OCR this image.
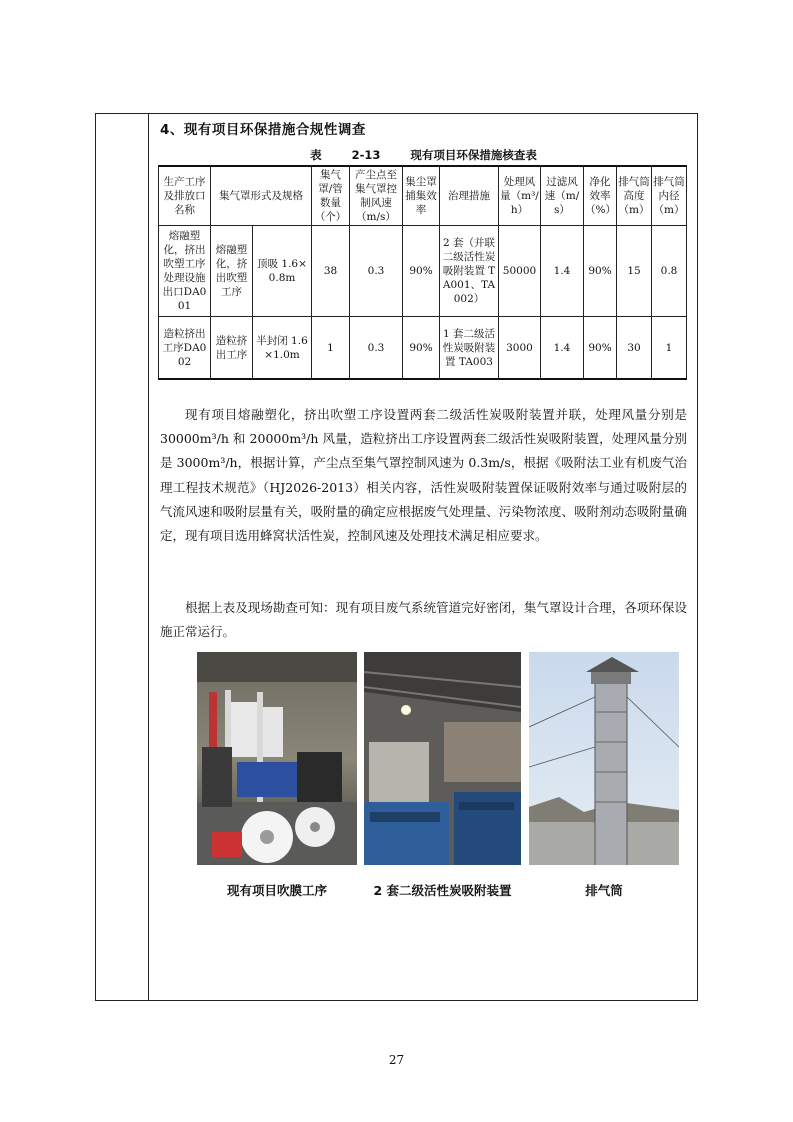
4、现有项目环保措施合规性调查
表 2-13	现有项目环保措施核查表
生产工序及排放口名称	集气罩形式及规格		集气罩/管数量（个）	产尘点至集气罩控制风速（m/s）	集尘罩捕集效率	治理措施	处理风量（m³/h）	过滤风速（m/s）	净化效率（%）	排气筒高度（m）	排气筒内径（m）
熔融塑化，挤出吹塑工序处理设施出口DA001	熔融塑化，挤出吹塑工序	顶吸 1.6×0.8m	38	0.3	90%	2 套（并联二级活性炭吸附装置 TA001、TA002）	50000	1.4	90%	15	0.8
造粒挤出工序DA002	造粒挤出工序	半封闭 1.6×1.0m	1	0.3	90%	1 套二级活性炭吸附装置 TA003	3000	1.4	90%	30	1

现有项目熔融塑化，挤出吹塑工序设置两套二级活性炭吸附装置并联，处理风量分别是 30000m³/h 和 20000m³/h 风量，造粒挤出工序设置两套二级活性炭吸附装置，处理风量分别是 3000m³/h，根据计算，产尘点至集气罩控制风速为 0.3m/s，根据《吸附法工业有机废气治理工程技术规范》（HJ2026-2013）相关内容，活性炭吸附装置保证吸附效率与通过吸附层的气流风速和吸附层量有关，吸附量的确定应根据废气处理量、污染物浓度、吸附剂动态吸附量确定，现有项目选用蜂窝状活性炭，控制风速及处理技术满足相应要求。

根据上表及现场勘查可知：现有项目废气系统管道完好密闭，集气罩设计合理，各项环保设施正常运行。

现有项目吹膜工序	2 套二级活性炭吸附装置	排气筒
27
